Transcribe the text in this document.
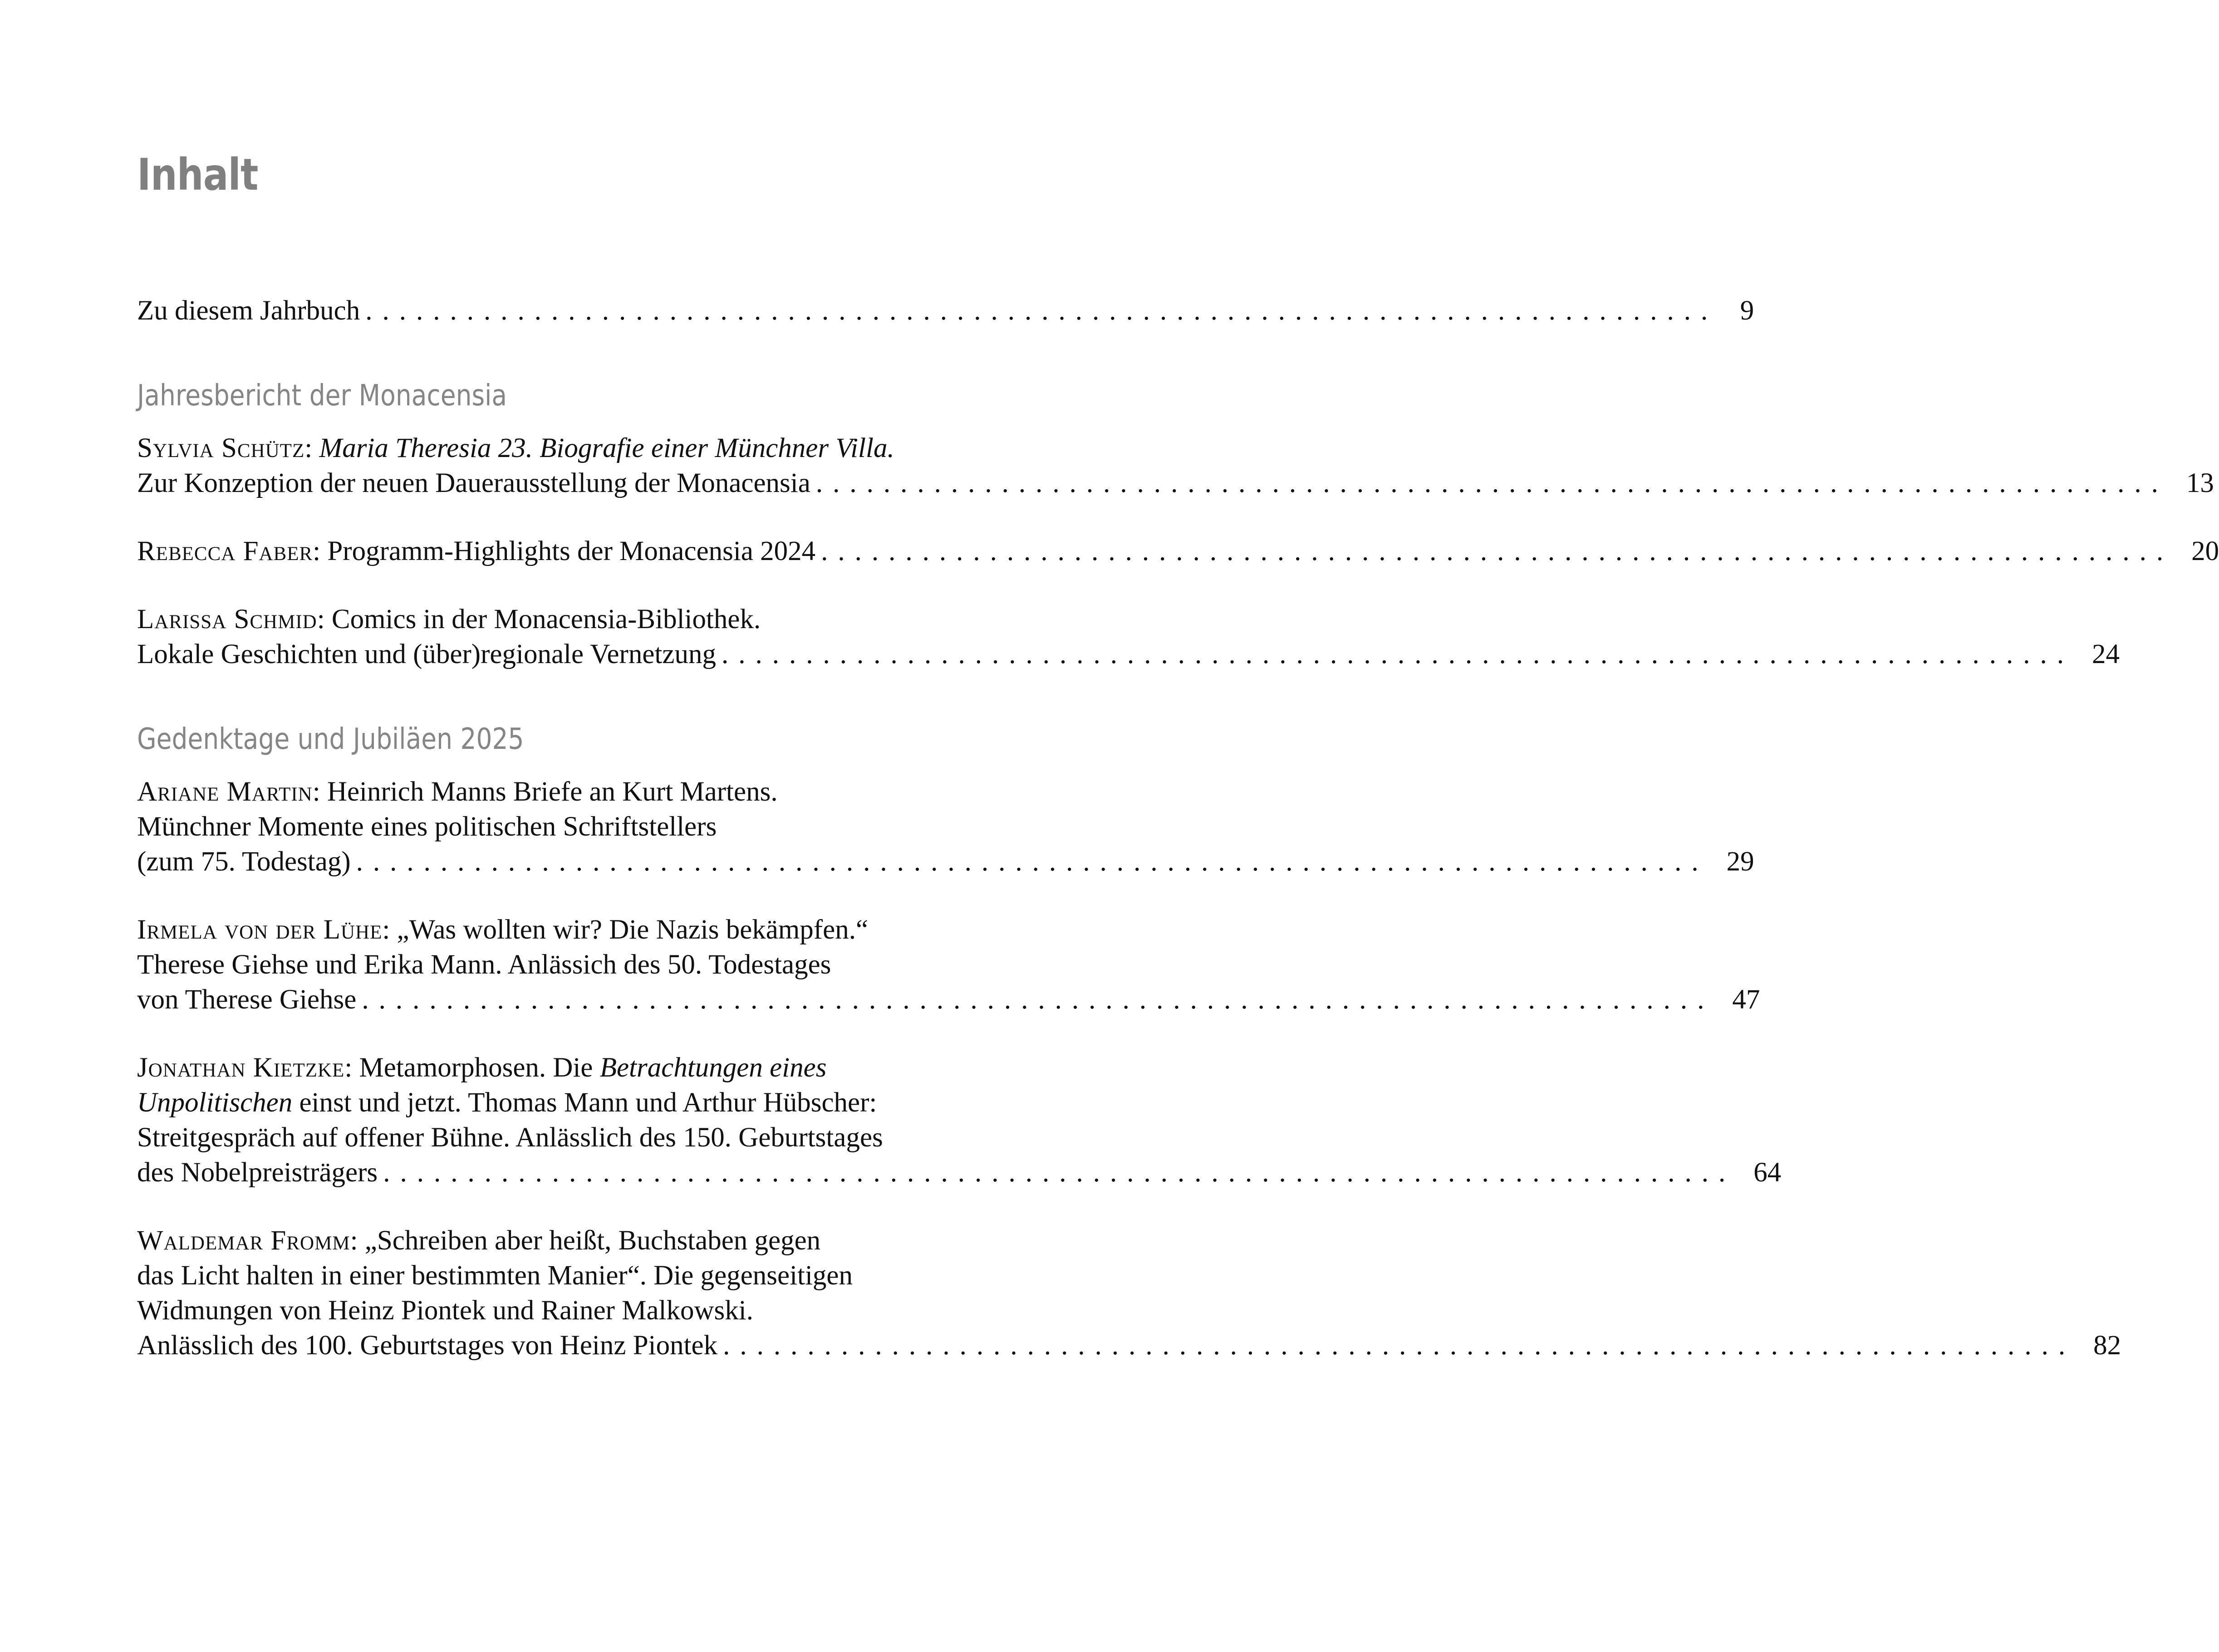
Inhalt
Zu diesem Jahrbuch ................................................................................ 9
Jahresbericht der Monacensia
Sylvia Schütz: Maria Theresia 23. Biografie einer Münchner Villa.
Zur Konzeption der neuen Dauerausstellung der Monacensia ................................................................................ 13
Rebecca Faber: Programm-Highlights der Monacensia 2024 ................................................................................ 20
Larissa Schmid: Comics in der Monacensia-Bibliothek.
Lokale Geschichten und (über)regionale Vernetzung ................................................................................ 24
Gedenktage und Jubiläen 2025
Ariane Martin: Heinrich Manns Briefe an Kurt Martens.
Münchner Momente eines politischen Schriftstellers
(zum 75. Todestag) ................................................................................ 29
Irmela von der Lühe: „Was wollten wir? Die Nazis bekämpfen.“
Therese Giehse und Erika Mann. Anlässich des 50. Todestages
von Therese Giehse ................................................................................ 47
Jonathan Kietzke: Metamorphosen. Die Betrachtungen eines
Unpolitischen einst und jetzt. Thomas Mann und Arthur Hübscher:
Streitgespräch auf offener Bühne. Anlässlich des 150. Geburtstages
des Nobelpreisträgers ................................................................................ 64
Waldemar Fromm: „Schreiben aber heißt, Buchstaben gegen
das Licht halten in einer bestimmten Manier“. Die gegenseitigen
Widmungen von Heinz Piontek und Rainer Malkowski.
Anlässlich des 100. Geburtstages von Heinz Piontek ................................................................................ 82
